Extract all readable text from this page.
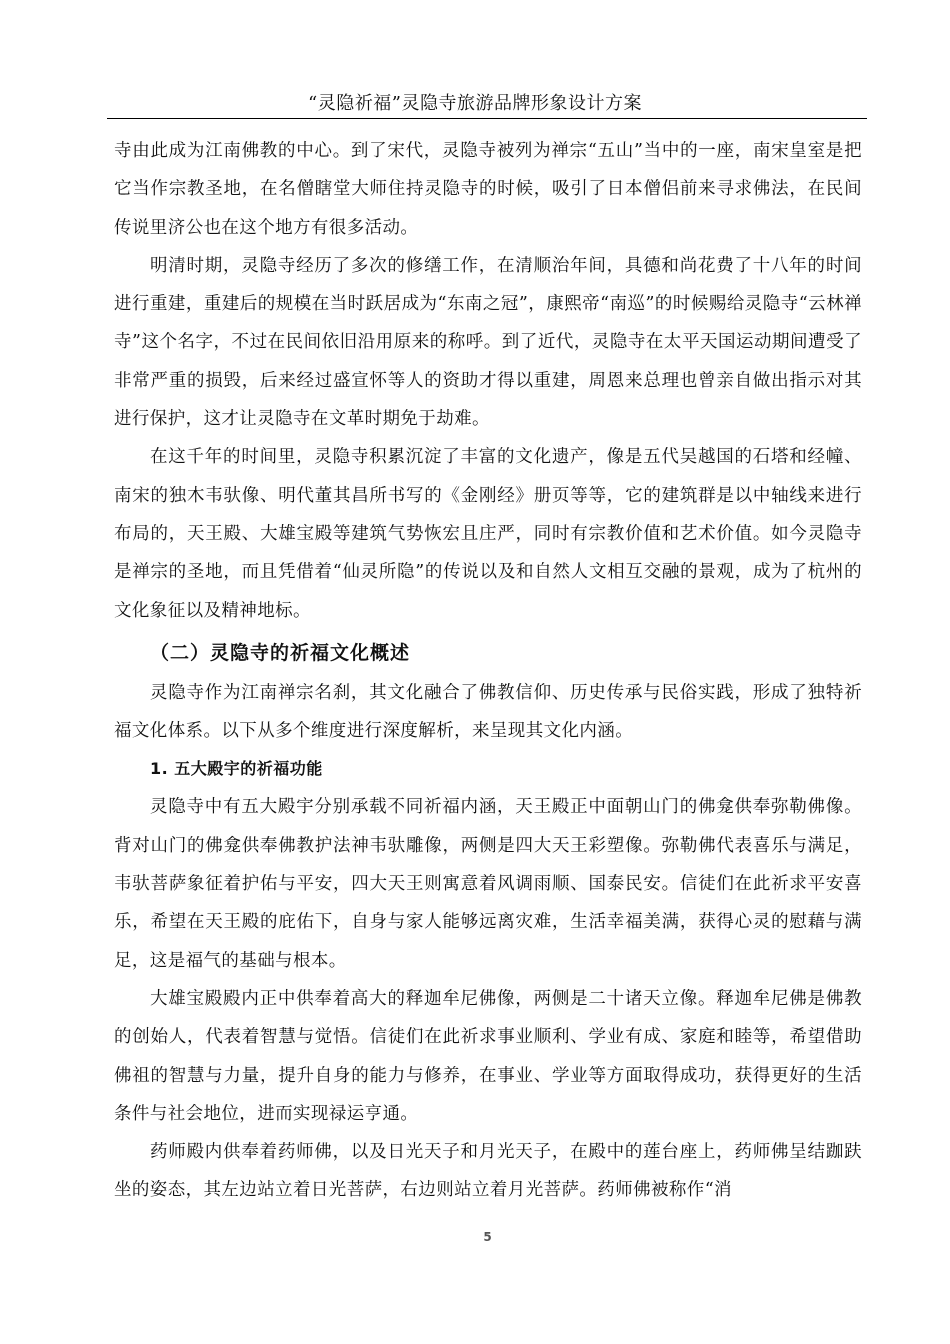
“灵隐祈福”灵隐寺旅游品牌形象设计方案

寺由此成为江南佛教的中心。到了宋代，灵隐寺被列为禅宗“五山”当中的一座，南宋皇室是把它当作宗教圣地，在名僧瞎堂大师住持灵隐寺的时候，吸引了日本僧侣前来寻求佛法，在民间传说里济公也在这个地方有很多活动。

明清时期，灵隐寺经历了多次的修缮工作，在清顺治年间，具德和尚花费了十八年的时间进行重建，重建后的规模在当时跃居成为“东南之冠”，康熙帝“南巡”的时候赐给灵隐寺“云林禅寺”这个名字，不过在民间依旧沿用原来的称呼。到了近代，灵隐寺在太平天国运动期间遭受了非常严重的损毁，后来经过盛宣怀等人的资助才得以重建，周恩来总理也曾亲自做出指示对其进行保护，这才让灵隐寺在文革时期免于劫难。

在这千年的时间里，灵隐寺积累沉淀了丰富的文化遗产，像是五代吴越国的石塔和经幢、南宋的独木韦驮像、明代董其昌所书写的《金刚经》册页等等，它的建筑群是以中轴线来进行布局的，天王殿、大雄宝殿等建筑气势恢宏且庄严，同时有宗教价值和艺术价值。如今灵隐寺是禅宗的圣地，而且凭借着“仙灵所隐”的传说以及和自然人文相互交融的景观，成为了杭州的文化象征以及精神地标。

（二）灵隐寺的祈福文化概述

灵隐寺作为江南禅宗名刹，其文化融合了佛教信仰、历史传承与民俗实践，形成了独特祈福文化体系。以下从多个维度进行深度解析，来呈现其文化内涵。

1. 五大殿宇的祈福功能

灵隐寺中有五大殿宇分别承载不同祈福内涵，天王殿正中面朝山门的佛龛供奉弥勒佛像。背对山门的佛龛供奉佛教护法神韦驮雕像，两侧是四大天王彩塑像。弥勒佛代表喜乐与满足，韦驮菩萨象征着护佑与平安，四大天王则寓意着风调雨顺、国泰民安。信徒们在此祈求平安喜乐，希望在天王殿的庇佑下，自身与家人能够远离灾难，生活幸福美满，获得心灵的慰藉与满足，这是福气的基础与根本。

大雄宝殿殿内正中供奉着高大的释迦牟尼佛像，两侧是二十诸天立像。释迦牟尼佛是佛教的创始人，代表着智慧与觉悟。信徒们在此祈求事业顺利、学业有成、家庭和睦等，希望借助佛祖的智慧与力量，提升自身的能力与修养，在事业、学业等方面取得成功，获得更好的生活条件与社会地位，进而实现禄运亨通。

药师殿内供奉着药师佛，以及日光天子和月光天子，在殿中的莲台座上，药师佛呈结跏趺坐的姿态，其左边站立着日光菩萨，右边则站立着月光菩萨。药师佛被称作“消

5
